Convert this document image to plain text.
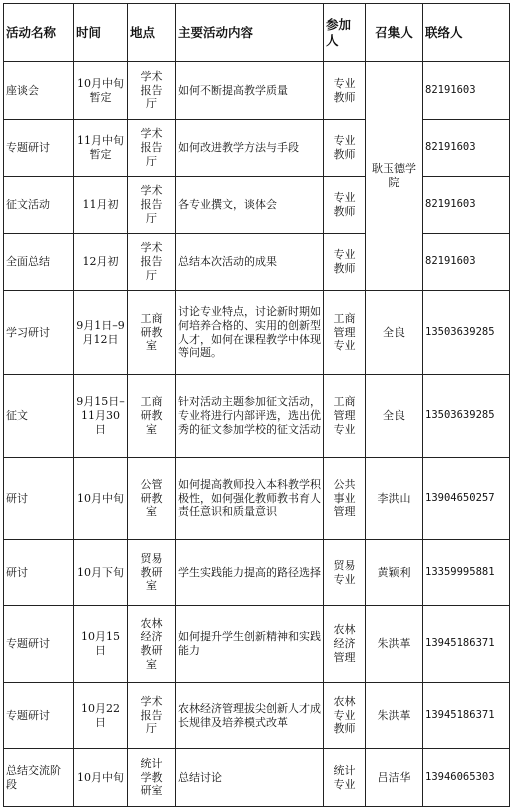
活动名称	时间	地点	主要活动内容	参加人	召集人	联络人
座谈会	10月中旬暂定	学术报告厅	如何不断提高教学质量	专业教师	耿玉德学院	82191603
专题研讨	11月中旬暂定	学术报告厅	如何改进教学方法与手段	专业教师		82191603
征文活动	11月初	学术报告厅	各专业撰文，谈体会	专业教师		82191603
全面总结	12月初	学术报告厅	总结本次活动的成果	专业教师		82191603
学习研讨	9月1日–9月12日	工商研教室	讨论专业特点，讨论新时期如何培养合格的、实用的创新型人才，如何在课程教学中体现等问题。	工商管理专业	全良	13503639285
征文	9月15日–11月30日	工商研教室	针对活动主题参加征文活动，专业将进行内部评选，选出优秀的征文参加学校的征文活动	工商管理专业	全良	13503639285
研讨	10月中旬	公管研教室	如何提高教师投入本科教学积极性，如何强化教师教书育人责任意识和质量意识	公共事业管理	李洪山	13904650257
研讨	10月下旬	贸易教研室	学生实践能力提高的路径选择	贸易专业	黄颖利	13359995881
专题研讨	10月15日	农林经济教研室	如何提升学生创新精神和实践能力	农林经济管理	朱洪革	13945186371
专题研讨	10月22日	学术报告厅	农林经济管理拔尖创新人才成长规律及培养模式改革	农林专业教师	朱洪革	13945186371
总结交流阶段	10月中旬	统计学教研室	总结讨论	统计专业	吕洁华	13946065303
